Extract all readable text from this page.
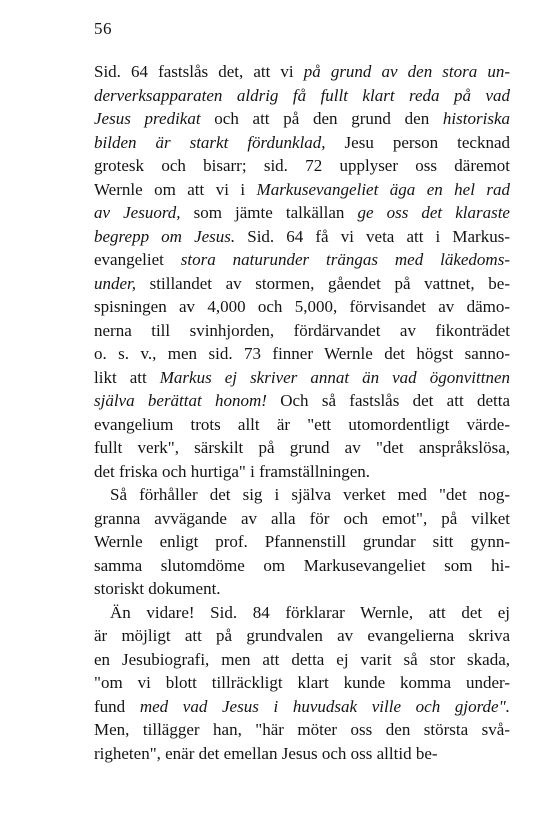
56
Sid. 64 fastslås det, att vi på grund av den stora un-
derverksapparaten aldrig få fullt klart reda på vad
Jesus predikat och att på den grund den historiska
bilden är starkt fördunklad, Jesu person tecknad
grotesk och bisarr; sid. 72 upplyser oss däremot
Wernle om att vi i Markusevangeliet äga en hel rad
av Jesuord, som jämte talkällan ge oss det klaraste
begrepp om Jesus. Sid. 64 få vi veta att i Markus-
evangeliet stora naturunder trängas med läkedoms-
under, stillandet av stormen, gåendet på vattnet, be-
spisningen av 4,000 och 5,000, förvisandet av dämo-
nerna till svinhjorden, fördärvandet av fikonträdet
o. s. v., men sid. 73 finner Wernle det högst sanno-
likt att Markus ej skriver annat än vad ögonvittnen
själva berättat honom! Och så fastslås det att detta
evangelium trots allt är "ett utomordentligt värde-
fullt verk", särskilt på grund av "det anspråkslösa,
det friska och hurtiga" i framställningen.
Så förhåller det sig i själva verket med "det nog-
granna avvägande av alla för och emot", på vilket
Wernle enligt prof. Pfannenstill grundar sitt gynn-
samma slutomdöme om Markusevangeliet som hi-
storiskt dokument.
Än vidare! Sid. 84 förklarar Wernle, att det ej
är möjligt att på grundvalen av evangelierna skriva
en Jesubiografi, men att detta ej varit så stor skada,
"om vi blott tillräckligt klart kunde komma under-
fund med vad Jesus i huvudsak ville och gjorde".
Men, tillägger han, "här möter oss den största svå-
righeten", enär det emellan Jesus och oss alltid be-
